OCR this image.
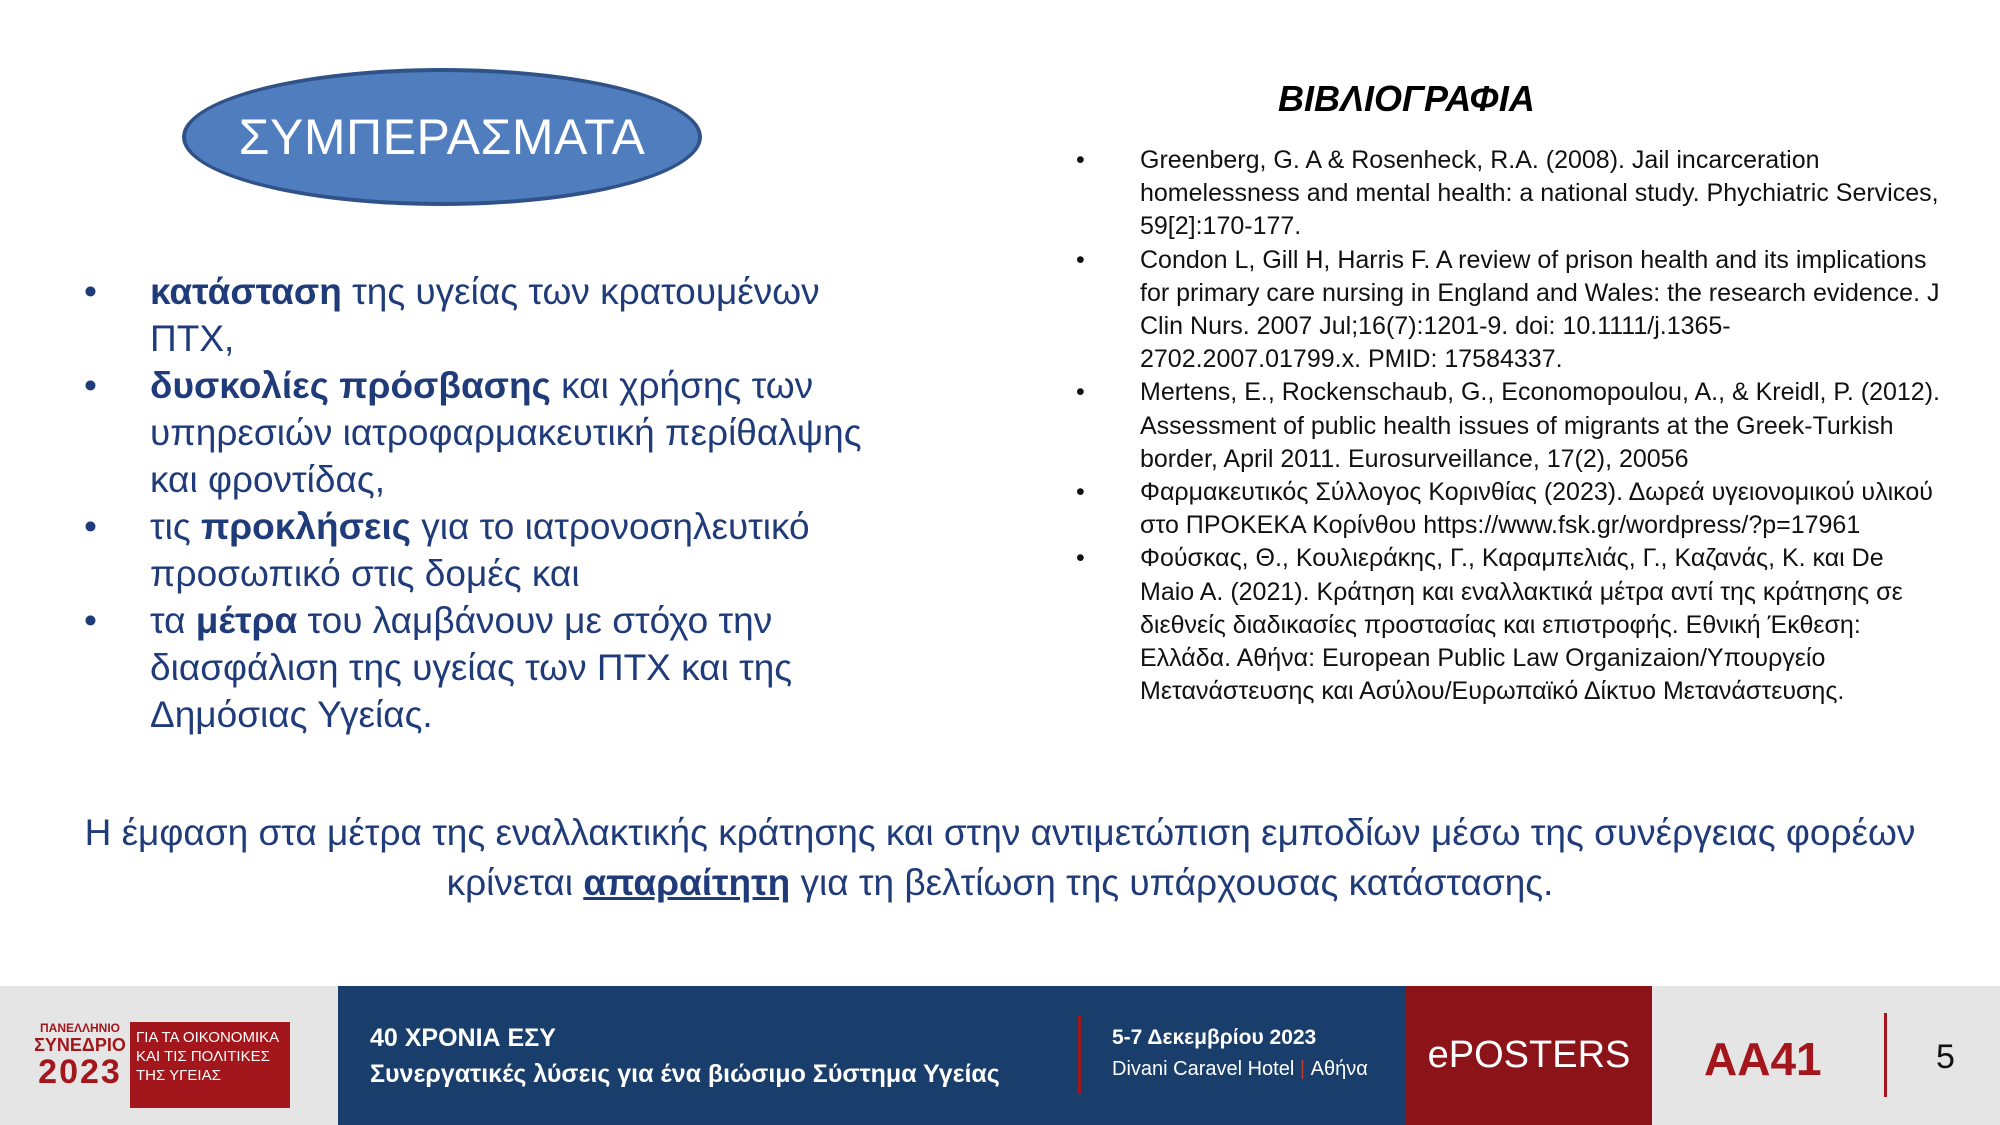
ΣΥΜΠΕΡΑΣΜΑΤΑ
•	κατάσταση της υγείας των κρατουμένων ΠΤΧ,
•	δυσκολίες πρόσβασης και χρήσης των υπηρεσιών ιατροφαρμακευτική περίθαλψης και φροντίδας,
•	τις προκλήσεις για το ιατρονοσηλευτικό προσωπικό στις δομές και
•	τα μέτρα του λαμβάνουν με στόχο την διασφάλιση της υγείας των ΠΤΧ και της Δημόσιας Υγείας.
ΒΙΒΛΙΟΓΡΑΦΙΑ
• Greenberg, G. A & Rosenheck, R.A. (2008). Jail incarceration homelessness and mental health: a national study. Phychiatric Services, 59[2]:170-177.
• Condon L, Gill H, Harris F. A review of prison health and its implications for primary care nursing in England and Wales: the research evidence. J Clin Nurs. 2007 Jul;16(7):1201-9. doi: 10.1111/j.1365-2702.2007.01799.x. PMID: 17584337.
• Mertens, E., Rockenschaub, G., Economopoulou, A., & Kreidl, P. (2012). Assessment of public health issues of migrants at the Greek-Turkish border, April 2011. Eurosurveillance, 17(2), 20056
• Φαρμακευτικός Σύλλογος Κορινθίας (2023). Δωρεά υγειονομικού υλικού στο ΠΡΟΚΕΚΑ Κορίνθου https://www.fsk.gr/wordpress/?p=17961
• Φούσκας, Θ., Κουλιεράκης, Γ., Καραμπελιάς, Γ., Καζανάς, Κ. και De Maio A. (2021). Κράτηση και εναλλακτικά μέτρα αντί της κράτησης σε διεθνείς διαδικασίες προστασίας και επιστροφής. Εθνική Έκθεση: Ελλάδα. Αθήνα: European Public Law Organizaion/Υπουργείο Μετανάστευσης και Ασύλου/Ευρωπαϊκό Δίκτυο Μετανάστευσης.
Η έμφαση στα μέτρα της εναλλακτικής κράτησης και στην αντιμετώπιση εμποδίων μέσω της συνέργειας φορέων κρίνεται απαραίτητη για τη βελτίωση της υπάρχουσας κατάστασης.
ΠΑΝΕΛΛΗΝΙΟ
ΣΥΝΕΔΡΙΟ
2023
ΓΙΑ ΤΑ ΟΙΚΟΝΟΜΙΚΑ ΚΑΙ ΤΙΣ ΠΟΛΙΤΙΚΕΣ ΤΗΣ ΥΓΕΙΑΣ
40 ΧΡΟΝΙΑ ΕΣΥ
Συνεργατικές λύσεις για ένα βιώσιμο Σύστημα Υγείας
5-7 Δεκεμβρίου 2023
Divani Caravel Hotel | Αθήνα	ePOSTERS	AA41	5
